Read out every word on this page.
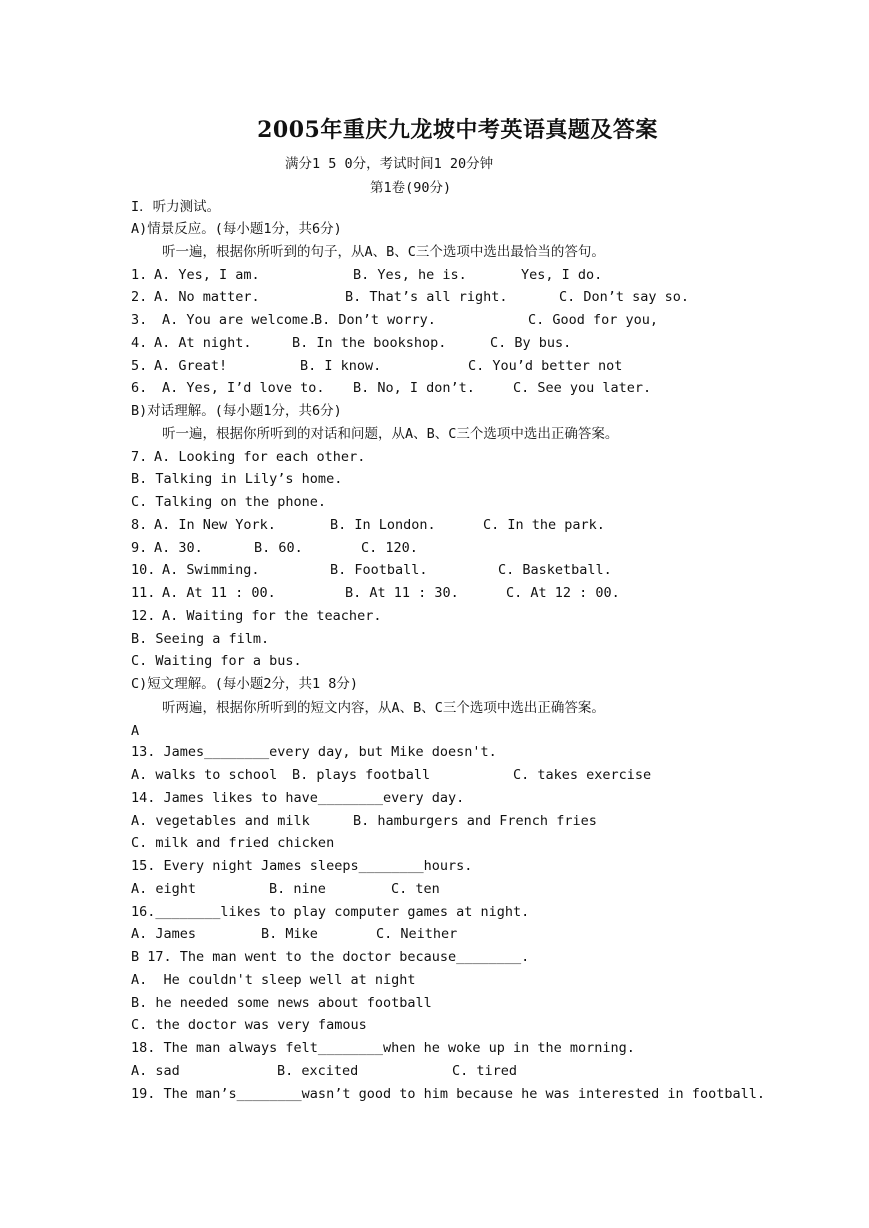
2005年重庆九龙坡中考英语真题及答案
满分1 5 0分，考试时间1 20分钟
第1卷(90分)
I．听力测试。
A)情景反应。(每小题1分，共6分)
听一遍，根据你所听到的句子，从A、B、C三个选项中选出最恰当的答句。
1. A. Yes, I am.	B. Yes, he is.	Yes, I do.
2. A. No matter.	B. That’s all right.	C. Don’t say so.
3. A. You are welcome.
B. Don’t worry.	C. Good for you,
4. A. At night.	B. In the bookshop.	C. By bus.
5. A. Great!	B. I know.	C. You’d better not
6. A. Yes, I’d love to. B. No, I don’t.	C. See you later.
B)对话理解。(每小题1分，共6分)
听一遍，根据你所听到的对话和问题，从A、B、C三个选项中选出正确答案。
7. A. Looking for each other.
B. Talking in Lily’s home.
C. Talking on the phone.
8. A. In New York.	B. In London.	C. In the park.
9. A. 30.	B. 60.	C. 120.
10. A. Swimming.	B. Football.	C. Basketball.
11. A. At 11 : 00.	B. At 11 : 30.	C. At 12 : 00.
12. A. Waiting for the teacher.
B. Seeing a film.
C. Waiting for a bus.
C)短文理解。(每小题2分，共1 8分)
听两遍，根据你所听到的短文内容，从A、B、C三个选项中选出正确答案。
A
13. James________every day, but Mike doesn't.
A. walks to school B. plays football	C. takes exercise
14. James likes to have________every day.
A. vegetables and milk	B. hamburgers and French fries
C. milk and fried chicken
15. Every night James sleeps________hours.
A. eight	B. nine	C. ten
16.________likes to play computer games at night.
A. James	B. Mike	C. Neither
B 17. The man went to the doctor because________.
A.  He couldn't sleep well at night
B. he needed some news about football
C. the doctor was very famous
18. The man always felt________when he woke up in the morning.
A. sad	B. excited	C. tired
19. The man’s________wasn’t good to him because he was interested in football.
